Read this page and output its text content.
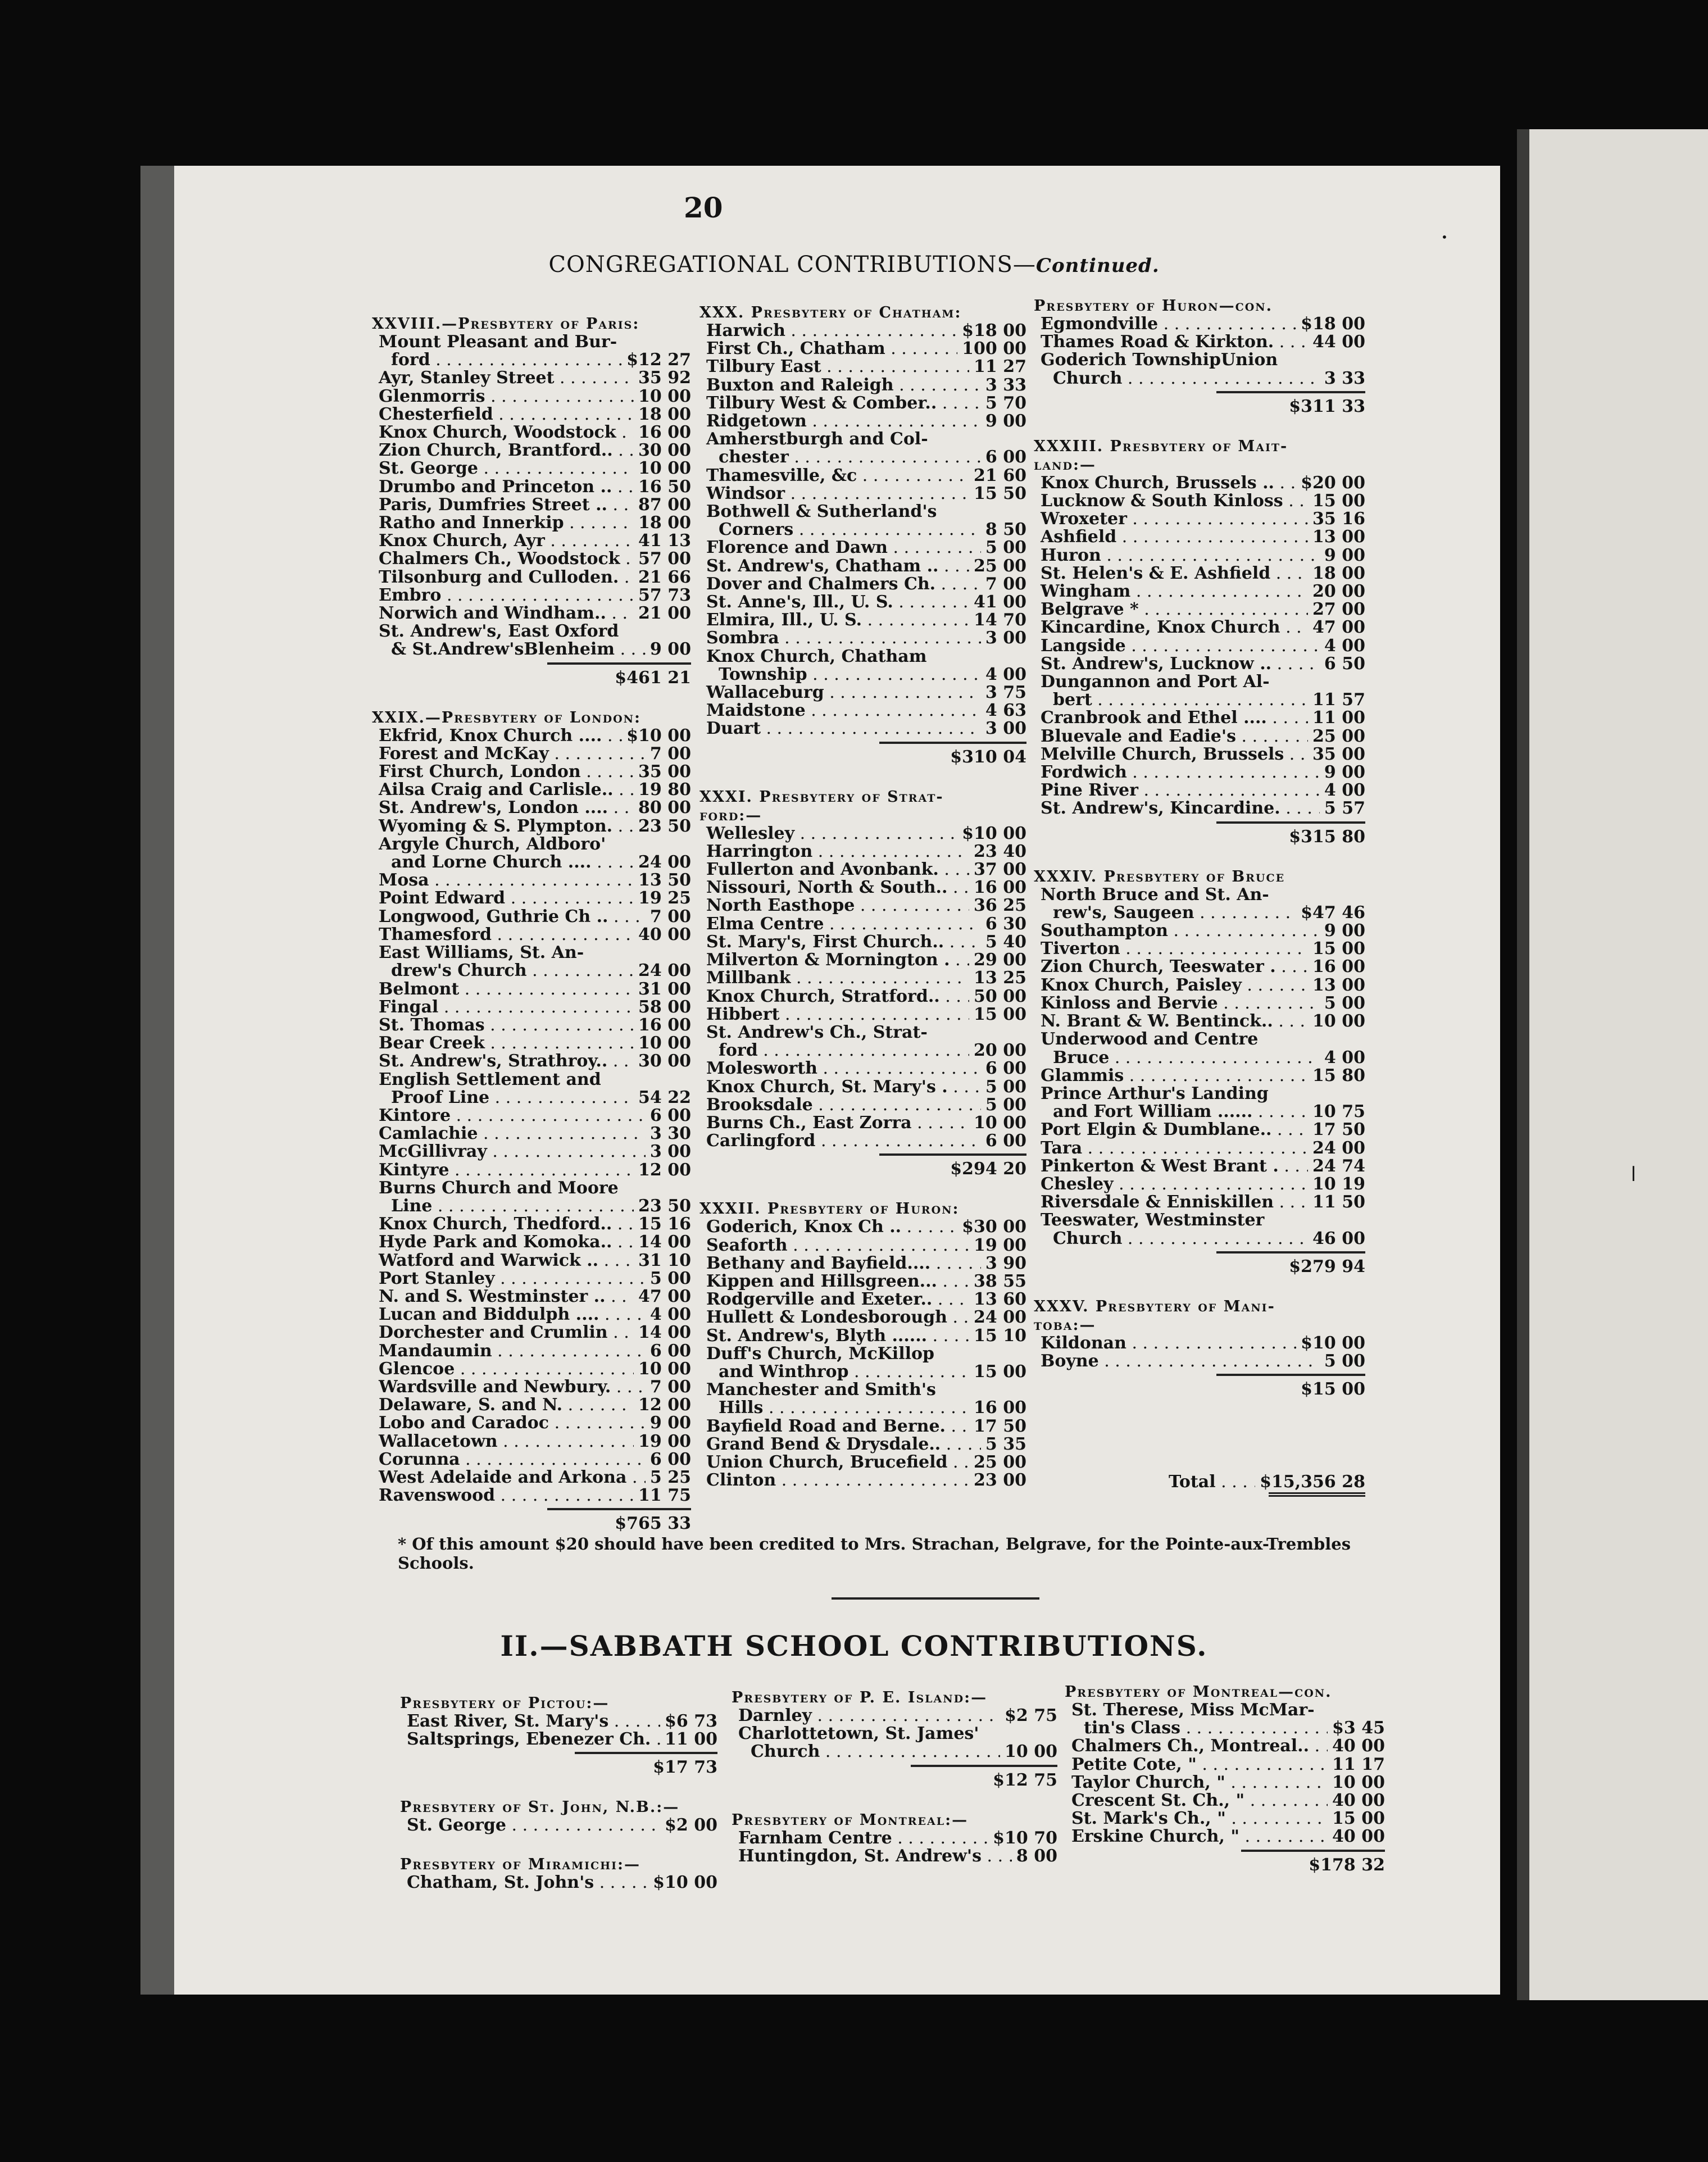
20
CONGREGATIONAL CONTRIBUTIONS—Continued.
XXVIII.—Presbytery of Paris:
Mount Pleasant and Bur-
ford . . .	$12 27
Ayr, Stanley Street . . .	35 92
Glenmorris . . .	10 00
Chesterfield . . .	18 00
Knox Church, Woodstock . . .	16 00
Zion Church, Brantford.. . . .	30 00
St. George . . .	10 00
Drumbo and Princeton .. . . .	16 50
Paris, Dumfries Street .. . . .	87 00
Ratho and Innerkip . . .	18 00
Knox Church, Ayr . . .	41 13
Chalmers Ch., Woodstock . . .	57 00
Tilsonburg and Culloden. . . .	21 66
Embro . . .	57 73
Norwich and Windham.. . . .	21 00
St. Andrew's, East Oxford
& St.Andrew'sBlenheim . . .	9 00
$461 21
XXIX.—Presbytery of London:
Ekfrid, Knox Church .... . . .	$10 00
Forest and McKay . . .	7 00
First Church, London . . .	35 00
Ailsa Craig and Carlisle.. . . .	19 80
St. Andrew's, London .... . . .	80 00
Wyoming & S. Plympton. . . .	23 50
Argyle Church, Aldboro'
and Lorne Church .... . . .	24 00
Mosa . . .	13 50
Point Edward . . .	19 25
Longwood, Guthrie Ch .. . . .	7 00
Thamesford . . .	40 00
East Williams, St. An-
drew's Church . . .	24 00
Belmont . . .	31 00
Fingal . . .	58 00
St. Thomas . . .	16 00
Bear Creek . . .	10 00
St. Andrew's, Strathroy.. . . .	30 00
English Settlement and
Proof Line . . .	54 22
Kintore . . .	6 00
Camlachie . . .	3 30
McGillivray . . .	3 00
Kintyre . . .	12 00
Burns Church and Moore
Line . . .	23 50
Knox Church, Thedford.. . . .	15 16
Hyde Park and Komoka.. . . .	14 00
Watford and Warwick .. . . .	31 10
Port Stanley . . .	5 00
N. and S. Westminster .. . . .	47 00
Lucan and Biddulph .... . . .	4 00
Dorchester and Crumlin . . .	14 00
Mandaumin . . .	6 00
Glencoe . . .	10 00
Wardsville and Newbury. . . .	7 00
Delaware, S. and N. . . .	12 00
Lobo and Caradoc . . .	9 00
Wallacetown . . .	19 00
Corunna . . .	6 00
West Adelaide and Arkona . . .	5 25
Ravenswood . . .	11 75
$765 33
XXX. Presbytery of Chatham:
Harwich . . .	$18 00
First Ch., Chatham . . .	100 00
Tilbury East . . .	11 27
Buxton and Raleigh . . .	3 33
Tilbury West & Comber.. . . .	5 70
Ridgetown . . .	9 00
Amherstburgh and Col-
chester . . .	6 00
Thamesville, &c . . .	21 60
Windsor . . .	15 50
Bothwell & Sutherland's
Corners . . .	8 50
Florence and Dawn . . .	5 00
St. Andrew's, Chatham .. . . .	25 00
Dover and Chalmers Ch. . . .	7 00
St. Anne's, Ill., U. S. . . .	41 00
Elmira, Ill., U. S. . . .	14 70
Sombra . . .	3 00
Knox Church, Chatham
Township . . .	4 00
Wallaceburg . . .	3 75
Maidstone . . .	4 63
Duart . . .	3 00
$310 04
XXXI. Presbytery of Strat-
ford:—
Wellesley . . .	$10 00
Harrington . . .	23 40
Fullerton and Avonbank. . . .	37 00
Nissouri, North & South.. . . .	16 00
North Easthope . . .	36 25
Elma Centre . . .	6 30
St. Mary's, First Church.. . . .	5 40
Milverton & Mornington . . . .	29 00
Millbank . . .	13 25
Knox Church, Stratford.. . . .	50 00
Hibbert . . .	15 00
St. Andrew's Ch., Strat-
ford . . .	20 00
Molesworth . . .	6 00
Knox Church, St. Mary's . . . .	5 00
Brooksdale . . .	5 00
Burns Ch., East Zorra . . .	10 00
Carlingford . . .	6 00
$294 20
XXXII. Presbytery of Huron:
Goderich, Knox Ch .. . . .	$30 00
Seaforth . . .	19 00
Bethany and Bayfield.... . . .	3 90
Kippen and Hillsgreen... . . .	38 55
Rodgerville and Exeter.. . . .	13 60
Hullett & Londesborough . . .	24 00
St. Andrew's, Blyth ...... . . .	15 10
Duff's Church, McKillop
and Winthrop . . .	15 00
Manchester and Smith's
Hills . . .	16 00
Bayfield Road and Berne. . . .	17 50
Grand Bend & Drysdale.. . . .	5 35
Union Church, Brucefield . . .	25 00
Clinton . . .	23 00
Presbytery of Huron—con.
Egmondville . . .	$18 00
Thames Road & Kirkton. . . .	44 00
Goderich TownshipUnion
Church . . .	3 33
$311 33
XXXIII. Presbytery of Mait-
land:—
Knox Church, Brussels .. . . .	$20 00
Lucknow & South Kinloss . . .	15 00
Wroxeter . . .	35 16
Ashfield . . .	13 00
Huron . . .	9 00
St. Helen's & E. Ashfield . . .	18 00
Wingham . . .	20 00
Belgrave * . . .	27 00
Kincardine, Knox Church . . .	47 00
Langside . . .	4 00
St. Andrew's, Lucknow .. . . .	6 50
Dungannon and Port Al-
bert . . .	11 57
Cranbrook and Ethel .... . . .	11 00
Bluevale and Eadie's . . .	25 00
Melville Church, Brussels . . .	35 00
Fordwich . . .	9 00
Pine River . . .	4 00
St. Andrew's, Kincardine. . . .	5 57
$315 80
XXXIV. Presbytery of Bruce
North Bruce and St. An-
rew's, Saugeen . . .	$47 46
Southampton . . .	9 00
Tiverton . . .	15 00
Zion Church, Teeswater . . . .	16 00
Knox Church, Paisley . . .	13 00
Kinloss and Bervie . . .	5 00
N. Brant & W. Bentinck.. . . .	10 00
Underwood and Centre
Bruce . . .	4 00
Glammis . . .	15 80
Prince Arthur's Landing
and Fort William ...... . . .	10 75
Port Elgin & Dumblane.. . . .	17 50
Tara . . .	24 00
Pinkerton & West Brant . . . .	24 74
Chesley . . .	10 19
Riversdale & Enniskillen . . .	11 50
Teeswater, Westminster
Church . . .	46 00
$279 94
XXXV. Presbytery of Mani-
toba:—
Kildonan . . .	$10 00
Boyne . . .	5 00
$15 00
Total . . .	$15,356 28
* Of this amount $20 should have been credited to Mrs. Strachan, Belgrave, for the Pointe-aux-Trembles Schools.
II.—SABBATH SCHOOL CONTRIBUTIONS.
Presbytery of Pictou:—
East River, St. Mary's . . .	$6 73
Saltsprings, Ebenezer Ch. . . . 11 00
$17 73
Presbytery of St. John, N.B.:—
St. George . . .	$2 00
Presbytery of Miramichi:—
Chatham, St. John's . . .	$10 00
Presbytery of P. E. Island:—
Darnley . . .	$2 75
Charlottetown, St. James'
Church . . .	10 00
$12 75
Presbytery of Montreal:—
Farnham Centre . . .	$10 70
Huntingdon, St. Andrew's . . .	8 00
Presbytery of Montreal—con.
St. Therese, Miss McMar-
tin's Class . . .	$3 45
Chalmers Ch., Montreal.. . . .	40 00
Petite Cote, " . . .	11 17
Taylor Church, " . . .	10 00
Crescent St. Ch., " . . .	40 00
St. Mark's Ch., " . . .	15 00
Erskine Church, " . . .	40 00
$178 32
ǀ
•
